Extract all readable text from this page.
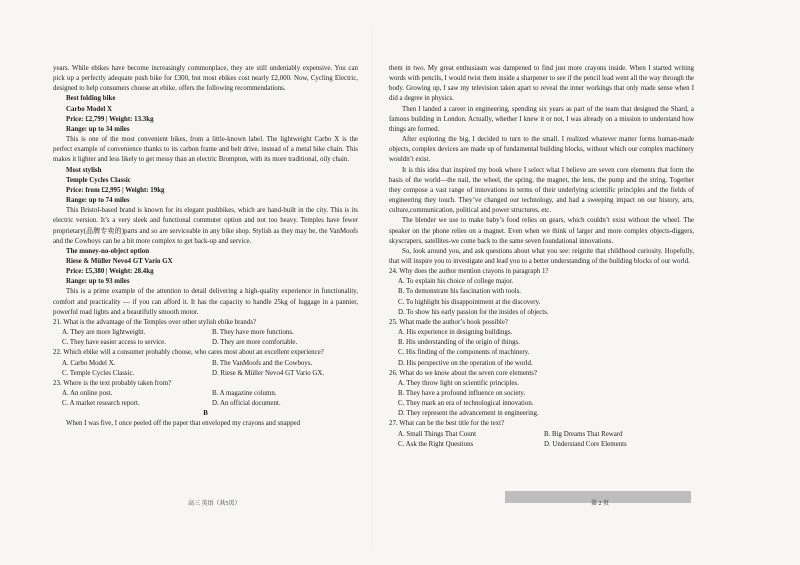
years. While ebikes have become increasingly commonplace, they are still undeniably expensive. You can pick up a perfectly adequate push bike for £300, but most ebikes cost nearly £2,000. Now, Cycling Electric, designed to help consumers choose an ebike, offers the following recommendations.

Best folding bike

Carbo Model X

Price: £2,799 | Weight: 13.3kg

Range: up to 34 miles

This is one of the most convenient bikes, from a little-known label. The lightweight Carbo X is the perfect example of convenience thanks to its carbon frame and belt drive, instead of a metal bike chain. This makes it lighter and less likely to get messy than an electric Brompton, with its more traditional, oily chain.

Most stylish

Temple Cycles Classic

Price: from £2,995 | Weight: 19kg

Range: up to 74 miles

This Bristol-based brand is known for its elegant pushbikes, which are hand-built in the city. This is its electric version. It’s a very sleek and functional commuter option and not too heavy. Temples have fewer proprietary(品牌专卖的)parts and so are serviceable in any bike shop. Stylish as they may be, the VanMoofs and the Cowboys can be a bit more complex to get back-up and service.

The money-no-object option

Riese & Müller Nevo4 GT Vario GX

Price: £5,380 | Weight: 28.4kg

Range: up to 93 miles

This is a prime example of the attention to detail delivering a high-quality experience in functionality, comfort and practicality — if you can afford it. It has the capacity to handle 25kg of luggage in a pannier, powerful road lights and a beautifully smooth motor.

21. What is the advantage of the Temples over other stylish ebike brands?

A. They are more lightweight.	B. They have more functions.
C. They have easier access to service.	D. They are more comfortable.

22. Which ebike will a consumer probably choose, who cares most about an excellent experience?

A. Carbo Model X.	B. The VanMoofs and the Cowboys.
C. Temple Cycles Classic.	D. Riese & Müller Nevo4 GT Vario GX.

23. Where is the text probably taken from?

A. An online post.	B. A magazine column.
C. A market research report.	D. An official document.

B

When I was five, I once peeled off the paper that enveloped my crayons and snapped

them in two. My great enthusiasm was dampened to find just more crayons inside. When I started writing words with pencils, I would twist them inside a sharpener to see if the pencil lead went all the way through the body. Growing up, I saw my television taken apart to reveal the inner workings that only made sense when I did a degree in physics.

Then I landed a career in engineering, spending six years as part of the team that designed the Shard, a famous building in London. Actually, whether I knew it or not, I was already on a mission to understand how things are formed.

After exploring the big, I decided to turn to the small. I realized whatever matter forms human-made objects, complex devices are made up of fundamental building blocks, without which our complex machinery wouldn’t exist.

It is this idea that inspired my book where I select what I believe are seven core elements that form the basis of the world—the nail, the wheel, the spring, the magnet, the lens, the pump and the string. Together they compose a vast range of innovations in terms of their underlying scientific principles and the fields of engineering they touch. They’ve changed our technology, and had a sweeping impact on our history, arts, culture,communication, political and power structures, etc.

The blender we use to make baby’s food relies on gears, which couldn’t exist without the wheel. The speaker on the phone relies on a magnet. Even when we think of larger and more complex objects-diggers, skyscrapers, satellites-we come back to the same seven foundational innovations.

So, look around you, and ask questions about what you see: reignite that childhood curiosity. Hopefully, that will inspire you to investigate and lead you to a better understanding of the building blocks of our world.

24. Why does the author mention crayons in paragraph 1?

A. To explain his choice of college major.

B. To demonstrate his fascination with tools.

C. To highlight his disappointment at the discovery.

D. To show his early passion for the insides of objects.

25. What made the author’s book possible?

A. His experience in designing buildings.

B. His understanding of the origin of things.

C. His finding of the components of machinery.

D. His perspective on the operation of the world.

26. What do we know about the seven core elements?

A. They throw light on scientific principles.

B. They have a profound influence on society.

C. They mark an era of technological innovation.

D. They represent the advancement in engineering.

27. What can be the best title for the text?

A. Small Things That Count	B. Big Dreams That Reward
C. Ask the Right Questions	D. Understand Core Elements
高三 英语（共5页）	第 2 页
